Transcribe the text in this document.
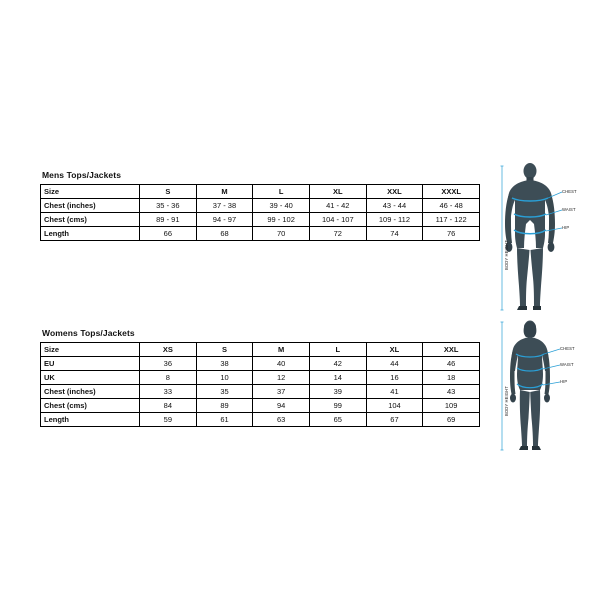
Mens Tops/Jackets
Size	S	M	L	XL	XXL	XXXL
Chest (inches)	35 - 36	37 - 38	39 - 40	41 - 42	43 - 44	46 - 48
Chest (cms)	89 - 91	94 - 97	99 - 102	104 - 107	109 - 112	117 - 122
Length	66	68	70	72	74	76
Womens Tops/Jackets
Size	XS	S	M	L	XL	XXL
EU	36	38	40	42	44	46
UK	8	10	12	14	16	18
Chest (inches)	33	35	37	39	41	43
Chest (cms)	84	89	94	99	104	109
Length	59	61	63	65	67	69
CHEST
WAIST
HIP
BODY HEIGHT
CHEST
WAIST
HIP
BODY HEIGHT
